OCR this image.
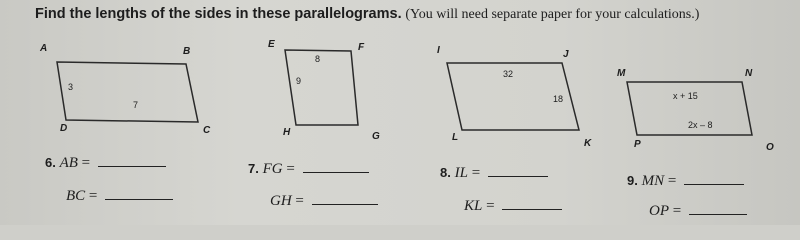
Find the lengths of the sides in these parallelograms. (You will need separate paper for your calculations.)
A	B
C
D
3
7
E	F
G
H
8
9
I	J
K
L
32
18
M	N
O
P
x + 15
2x – 8
6. AB =	7. FG =	8. IL =	9. MN =
BC =	GH =	KL =	OP =
